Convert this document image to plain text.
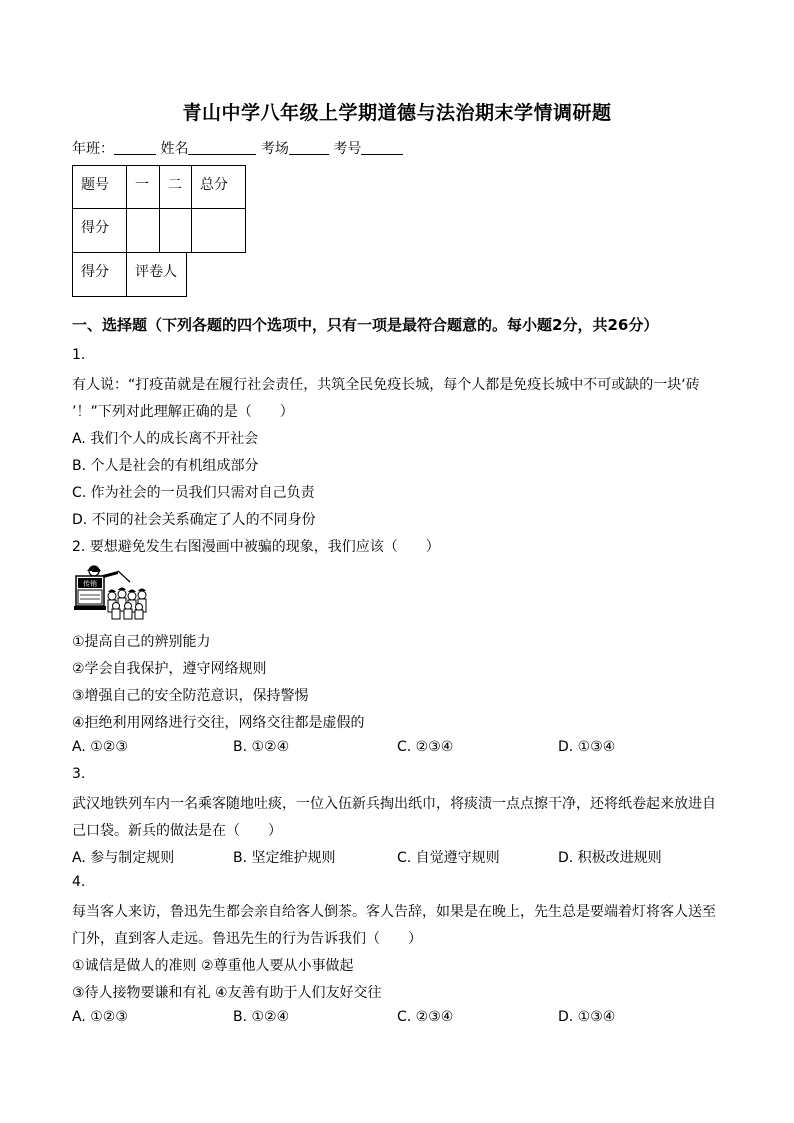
青山中学八年级上学期道德与法治期末学情调研题
年班：	姓名	考场	考号
题号	一	二	总分
得分			
得分	评卷人
一、选择题（下列各题的四个选项中，只有一项是最符合题意的。每小题2分，共26分）
1.
有人说：“打疫苗就是在履行社会责任，共筑全民免疫长城，每个人都是免疫长城中不可或缺的一块‘砖
’！”下列对此理解正确的是（　　）
A. 我们个人的成长离不开社会
B. 个人是社会的有机组成部分
C. 作为社会的一员我们只需对自己负责
D. 不同的社会关系确定了人的不同身份
2. 要想避免发生右图漫画中被骗的现象，我们应该（　　）
传销
①提高自己的辨别能力
②学会自我保护，遵守网络规则
③增强自己的安全防范意识，保持警惕
④拒绝利用网络进行交往，网络交往都是虚假的
A. ①②③	B. ①②④	C. ②③④	D. ①③④
3.
武汉地铁列车内一名乘客随地吐痰，一位入伍新兵掏出纸巾，将痰渍一点点擦干净，还将纸卷起来放进自
己口袋。新兵的做法是在（　　）
A. 参与制定规则	B. 坚定维护规则	C. 自觉遵守规则	D. 积极改进规则
4.
每当客人来访，鲁迅先生都会亲自给客人倒茶。客人告辞，如果是在晚上，先生总是要端着灯将客人送至
门外，直到客人走远。鲁迅先生的行为告诉我们（　　）
①诚信是做人的准则 ②尊重他人要从小事做起
③待人接物要谦和有礼 ④友善有助于人们友好交往
A. ①②③	B. ①②④	C. ②③④	D. ①③④
